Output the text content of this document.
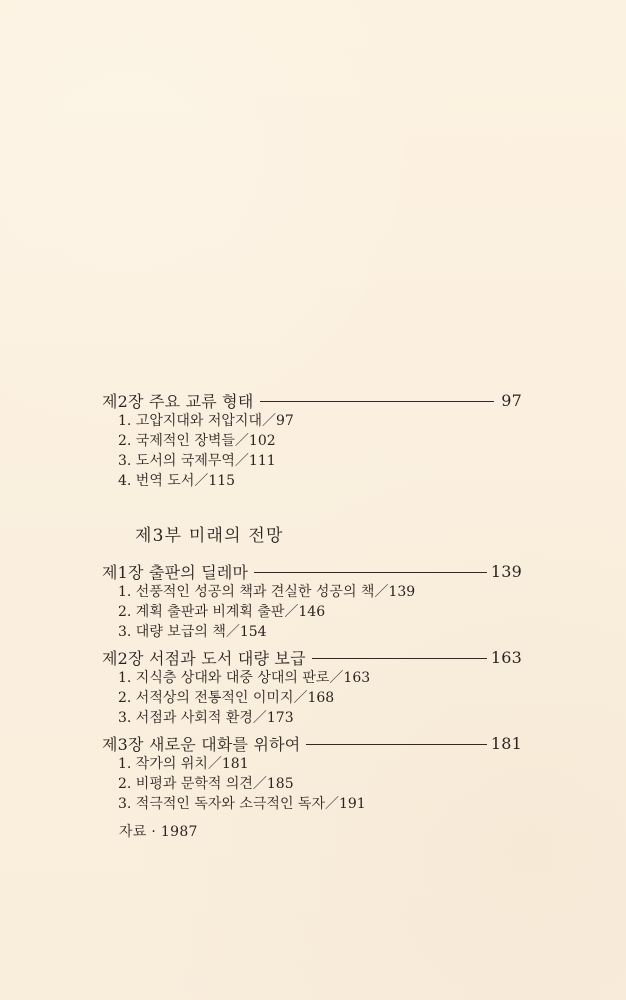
제2장 주요 교류 형태	97
1. 고압지대와 저압지대／97
2. 국제적인 장벽들／102
3. 도서의 국제무역／111
4. 번역 도서／115
제3부 미래의 전망
제1장 출판의 딜레마	139
1. 선풍적인 성공의 책과 견실한 성공의 책／139
2. 계획 출판과 비계획 출판／146
3. 대량 보급의 책／154
제2장 서점과 도서 대량 보급	163
1. 지식층 상대와 대중 상대의 판로／163
2. 서적상의 전통적인 이미지／168
3. 서점과 사회적 환경／173
제3장 새로운 대화를 위하여	181
1. 작가의 위치／181
2. 비평과 문학적 의견／185
3. 적극적인 독자와 소극적인 독자／191
자료 · 1987
